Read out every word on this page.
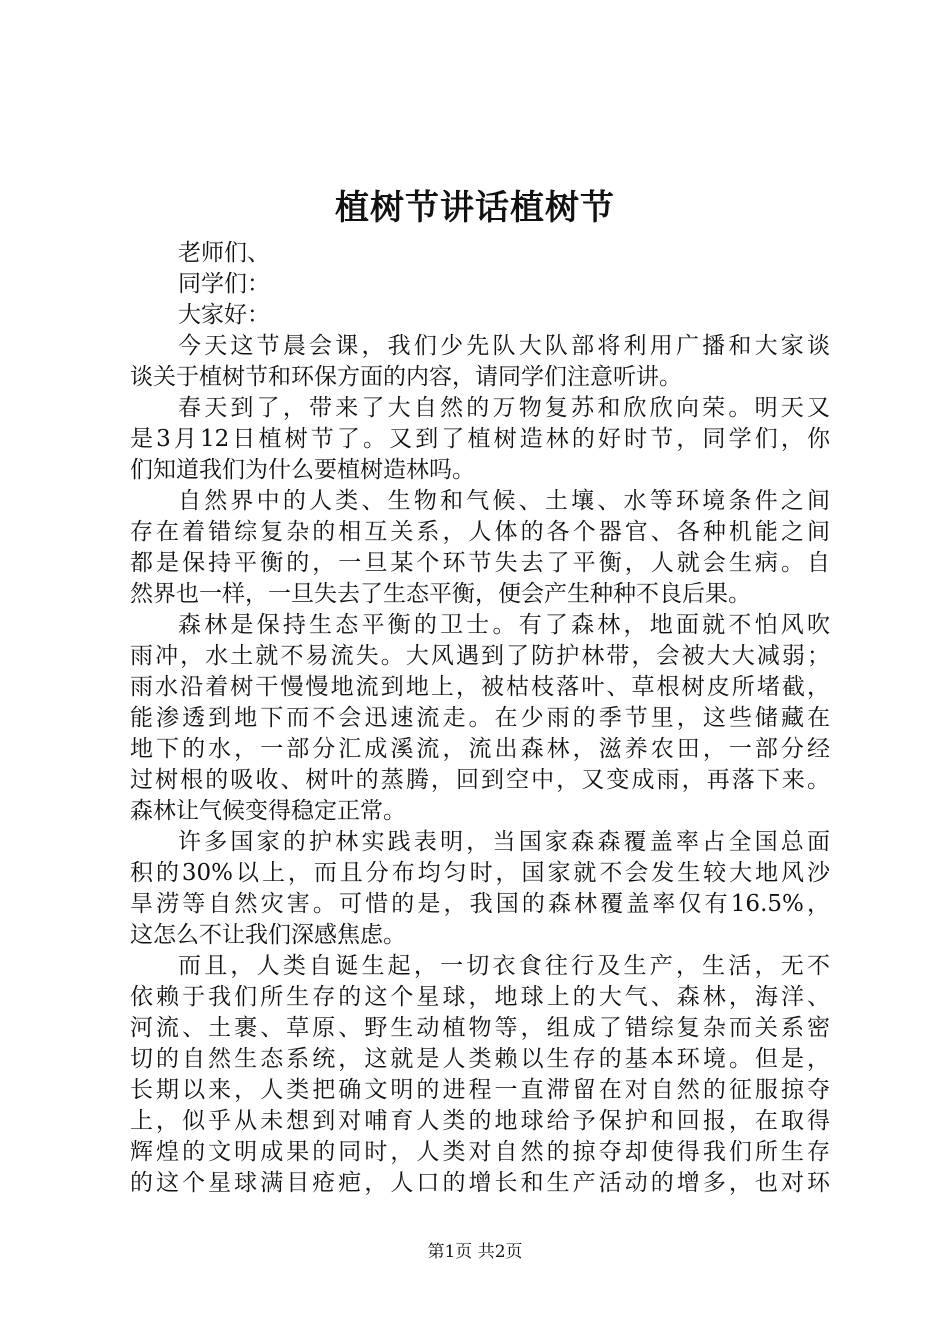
植树节讲话植树节
老师们、
同学们：
大家好：
今天这节晨会课，我们少先队大队部将利用广播和大家谈
谈关于植树节和环保方面的内容，请同学们注意听讲。
春天到了，带来了大自然的万物复苏和欣欣向荣。明天又
是3月12日植树节了。又到了植树造林的好时节，同学们，你
们知道我们为什么要植树造林吗。
自然界中的人类、生物和气候、土壤、水等环境条件之间
存在着错综复杂的相互关系，人体的各个器官、各种机能之间
都是保持平衡的，一旦某个环节失去了平衡，人就会生病。自
然界也一样，一旦失去了生态平衡，便会产生种种不良后果。
森林是保持生态平衡的卫士。有了森林，地面就不怕风吹
雨冲，水土就不易流失。大风遇到了防护林带，会被大大减弱；
雨水沿着树干慢慢地流到地上，被枯枝落叶、草根树皮所堵截，
能渗透到地下而不会迅速流走。在少雨的季节里，这些储藏在
地下的水，一部分汇成溪流，流出森林，滋养农田，一部分经
过树根的吸收、树叶的蒸腾，回到空中，又变成雨，再落下来。
森林让气候变得稳定正常。
许多国家的护林实践表明，当国家森森覆盖率占全国总面
积的30%以上，而且分布均匀时，国家就不会发生较大地风沙
旱涝等自然灾害。可惜的是，我国的森林覆盖率仅有16.5%，
这怎么不让我们深感焦虑。
而且，人类自诞生起，一切衣食往行及生产，生活，无不
依赖于我们所生存的这个星球，地球上的大气、森林，海洋、
河流、土裹、草原、野生动植物等，组成了错综复杂而关系密
切的自然生态系统，这就是人类赖以生存的基本环境。但是，
长期以来，人类把确文明的进程一直滞留在对自然的征服掠夺
上，似乎从未想到对哺育人类的地球给予保护和回报，在取得
辉煌的文明成果的同时，人类对自然的掠夺却使得我们所生存
的这个星球满目疮疤，人口的增长和生产活动的增多，也对环
第1页 共2页
